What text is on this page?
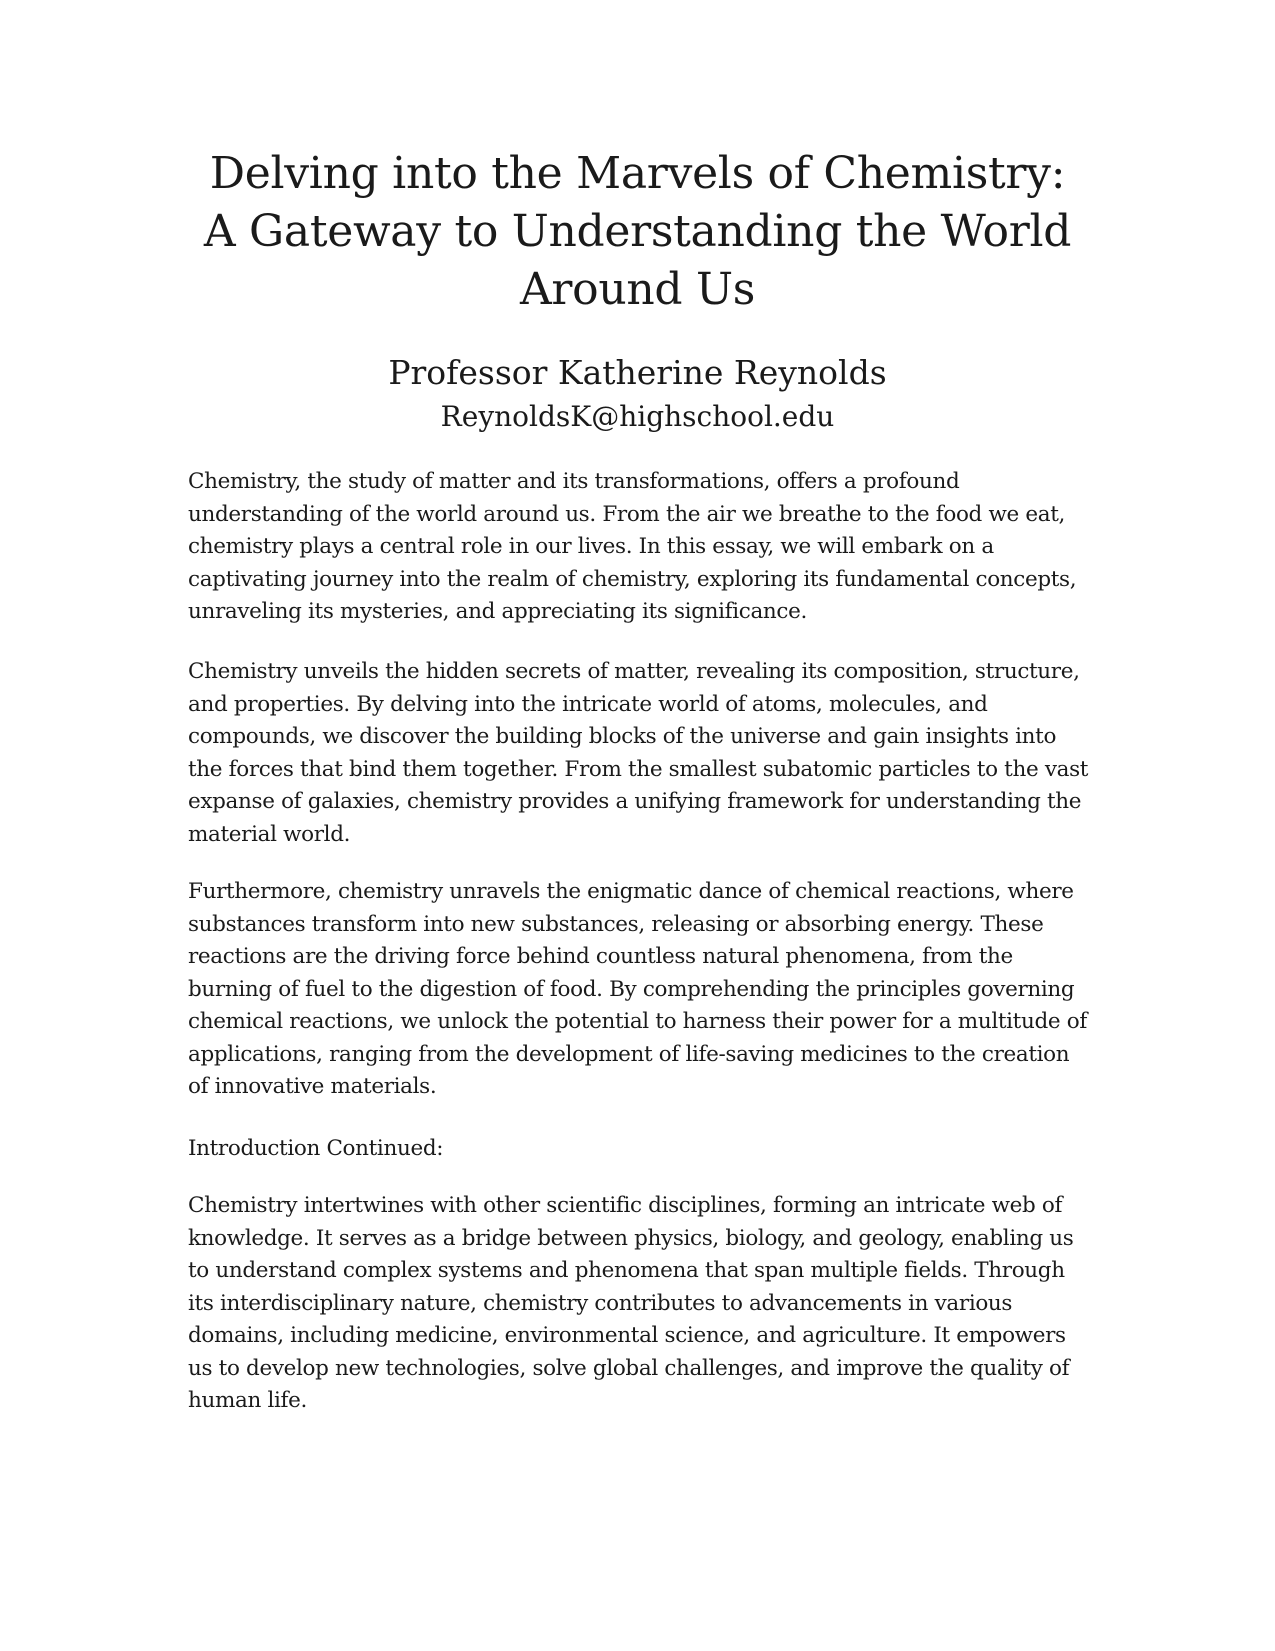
Delving into the Marvels of Chemistry: A Gateway to Understanding the World Around Us
Professor Katherine Reynolds

ReynoldsK@highschool.edu

Chemistry, the study of matter and its transformations, offers a profound understanding of the world around us. From the air we breathe to the food we eat, chemistry plays a central role in our lives. In this essay, we will embark on a captivating journey into the realm of chemistry, exploring its fundamental concepts, unraveling its mysteries, and appreciating its significance.

Chemistry unveils the hidden secrets of matter, revealing its composition, structure, and properties. By delving into the intricate world of atoms, molecules, and compounds, we discover the building blocks of the universe and gain insights into the forces that bind them together. From the smallest subatomic particles to the vast expanse of galaxies, chemistry provides a unifying framework for understanding the material world.

Furthermore, chemistry unravels the enigmatic dance of chemical reactions, where substances transform into new substances, releasing or absorbing energy. These reactions are the driving force behind countless natural phenomena, from the burning of fuel to the digestion of food. By comprehending the principles governing chemical reactions, we unlock the potential to harness their power for a multitude of applications, ranging from the development of life-saving medicines to the creation of innovative materials.

Introduction Continued:

Chemistry intertwines with other scientific disciplines, forming an intricate web of knowledge. It serves as a bridge between physics, biology, and geology, enabling us to understand complex systems and phenomena that span multiple fields. Through its interdisciplinary nature, chemistry contributes to advancements in various domains, including medicine, environmental science, and agriculture. It empowers us to develop new technologies, solve global challenges, and improve the quality of human life.
